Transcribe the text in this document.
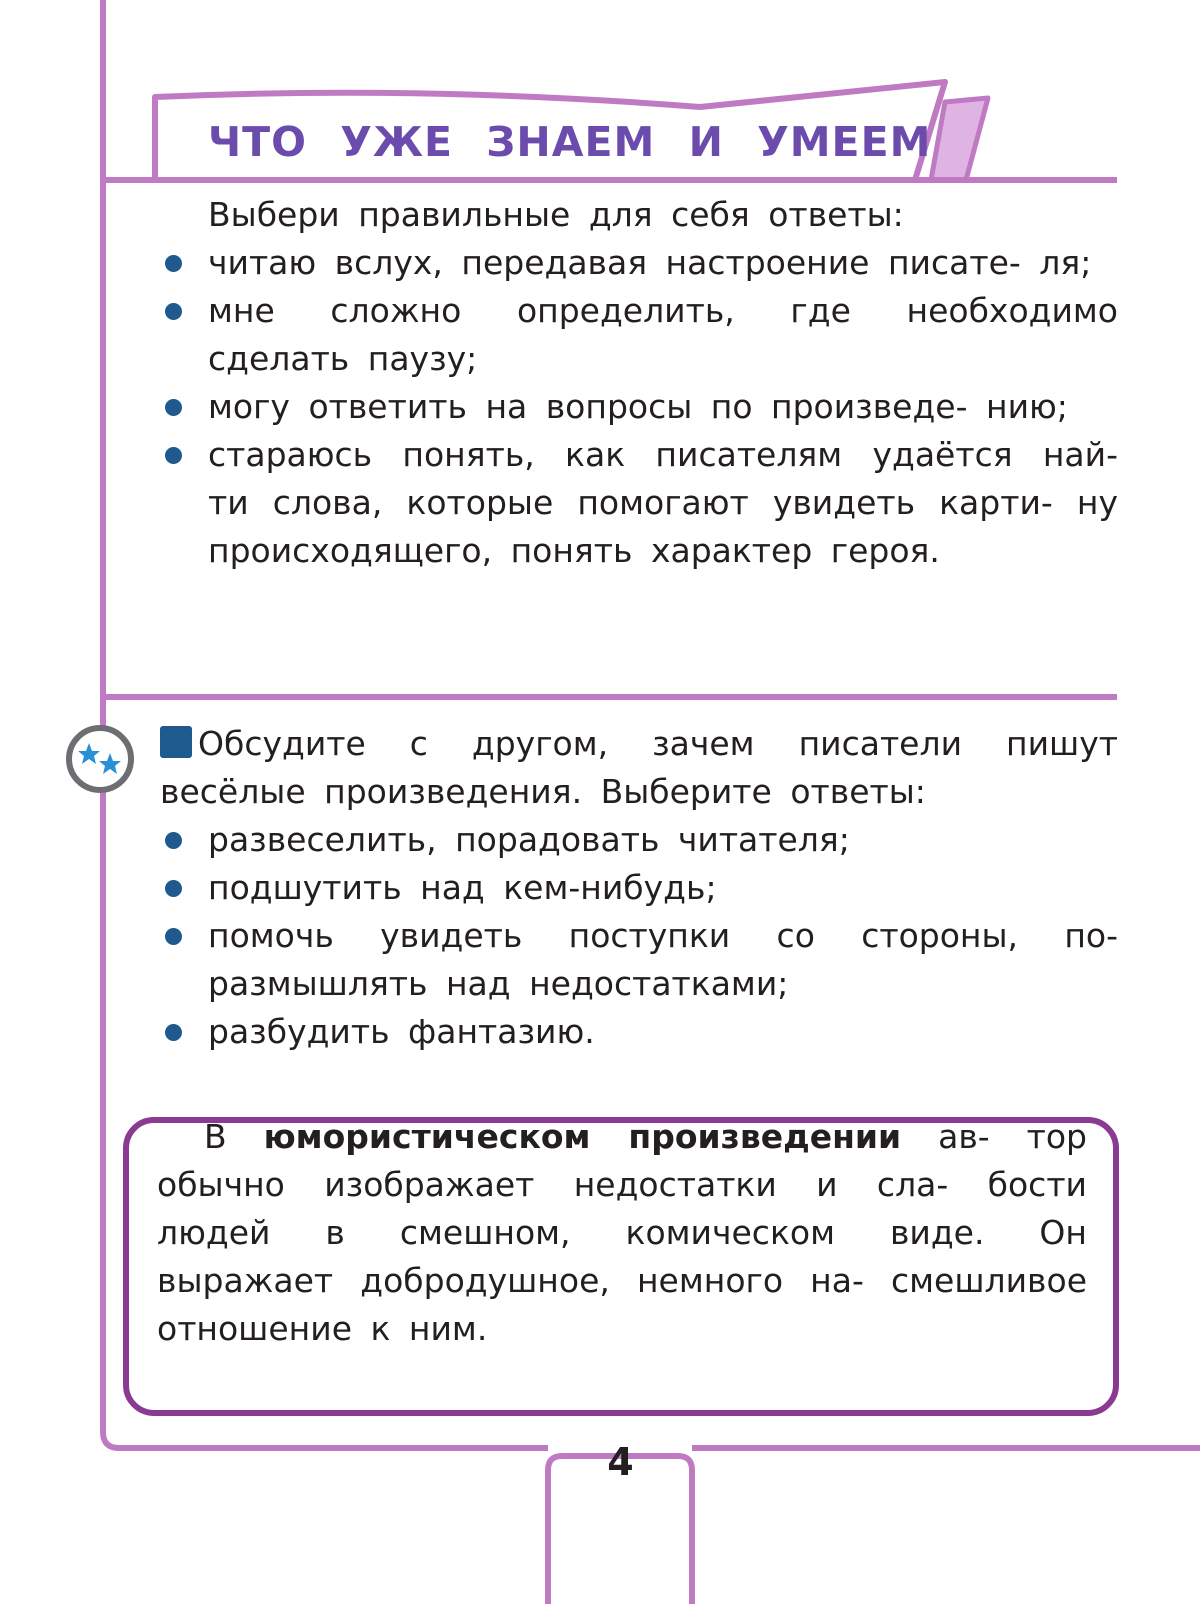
ЧТО УЖЕ ЗНАЕМ И УМЕЕМ

Выбери правильные для себя ответы:

читаю вслух, передавая настроение писате- ля;
мне сложно определить, где необходимо сделать паузу;
могу ответить на вопросы по произведе- нию;
стараюсь понять, как писателям удаётся най- ти слова, которые помогают увидеть карти- ну происходящего, понять характер героя.

Обсудите с другом, зачем писатели пишут весёлые произведения. Выберите ответы:

развеселить, порадовать читателя;
подшутить над кем-нибудь;
помочь увидеть поступки со стороны, по- размышлять над недостатками;
разбудить фантазию.

В юмористическом произведении ав- тор обычно изображает недостатки и сла- бости людей в смешном, комическом виде. Он выражает добродушное, немного на- смешливое отношение к ним.

4
